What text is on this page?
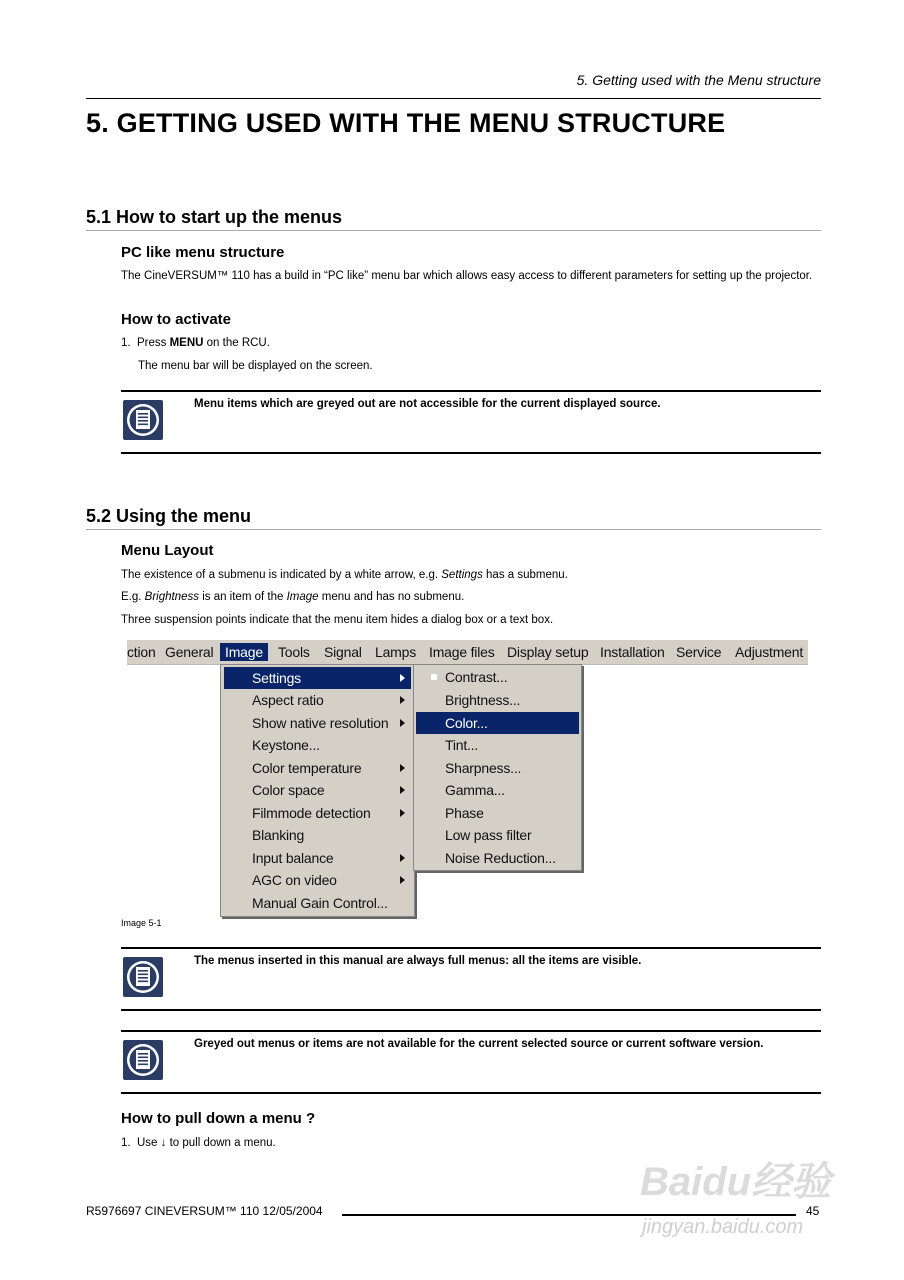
5. Getting used with the Menu structure
5. GETTING USED WITH THE MENU STRUCTURE
5.1 How to start up the menus
PC like menu structure
The CineVERSUM™ 110 has a build in “PC like” menu bar which allows easy access to different parameters for setting up the projector.
How to activate
1. Press MENU on the RCU.
The menu bar will be displayed on the screen.
Menu items which are greyed out are not accessible for the current displayed source.
5.2 Using the menu
Menu Layout
The existence of a submenu is indicated by a white arrow, e.g. Settings has a submenu.
E.g. Brightness is an item of the Image menu and has no submenu.
Three suspension points indicate that the menu item hides a dialog box or a text box.
ction General Image	Tools Signal Lamps Image files Display setup Installation Service Adjustment
Settings
Aspect ratio
Show native resolution
Keystone...
Color temperature
Color space
Filmmode detection
Blanking
Input balance
AGC on video
Manual Gain Control...
Contrast...
Brightness...
Color...
Tint...
Sharpness...
Gamma...
Phase
Low pass filter
Noise Reduction...
Image 5-1
The menus inserted in this manual are always full menus: all the items are visible.
Greyed out menus or items are not available for the current selected source or current software version.
How to pull down a menu ?
1. Use ↓ to pull down a menu.
Baidu经验
jingyan.baidu.com
R5976697 CINEVERSUM™ 110 12/05/2004	45
